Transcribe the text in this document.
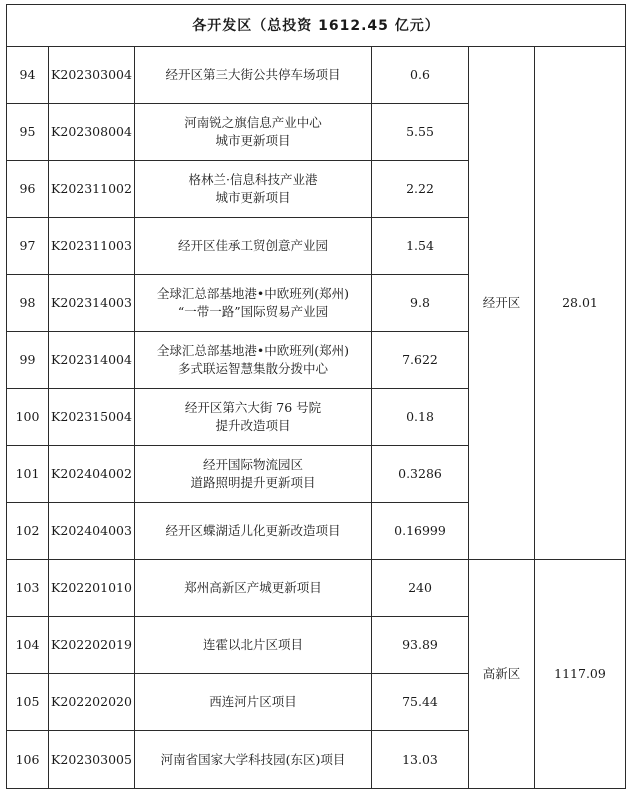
各开发区（总投资 1612.45 亿元）					
94	K202303004	经开区第三大街公共停车场项目	0.6	经开区	28.01
95	K202308004	河南锐之旗信息产业中心
城市更新项目	5.55		
96	K202311002	格林兰·信息科技产业港
城市更新项目	2.22		
97	K202311003	经开区佳承工贸创意产业园	1.54		
98	K202314003	全球汇总部基地港•中欧班列(郑州)
“一带一路”国际贸易产业园	9.8		
99	K202314004	全球汇总部基地港•中欧班列(郑州)
多式联运智慧集散分拨中心	7.622		
100	K202315004	经开区第六大街 76 号院
提升改造项目	0.18		
101	K202404002	经开国际物流园区
道路照明提升更新项目	0.3286		
102	K202404003	经开区蝶湖适儿化更新改造项目	0.16999		
103	K202201010	郑州高新区产城更新项目	240	高新区	1117.09
104	K202202019	连霍以北片区项目	93.89		
105	K202202020	西连河片区项目	75.44		
106	K202303005	河南省国家大学科技园(东区)项目	13.03		
